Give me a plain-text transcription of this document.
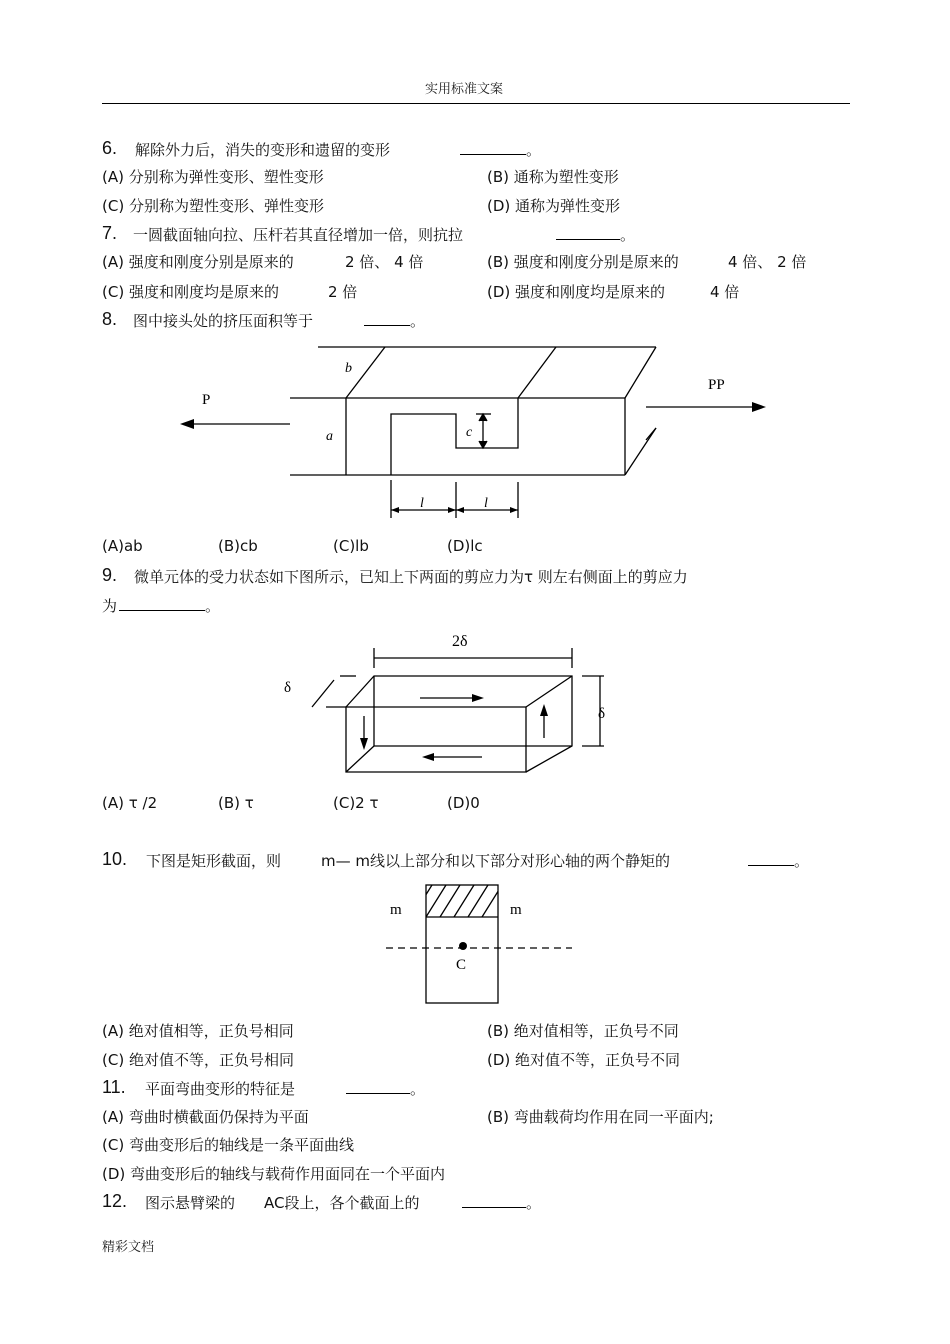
实用标准文案
6. 解除外力后，消失的变形和遗留的变形	。
(A) 分别称为弹性变形、塑性变形	(B) 通称为塑性变形
(C) 分别称为塑性变形、弹性变形	(D) 通称为弹性变形
7. 一圆截面轴向拉、压杆若其直径增加一倍，则抗拉	。
(A) 强度和刚度分别是原来的	2 倍、 4 倍	(B) 强度和刚度分别是原来的	4 倍、 2 倍
(C) 强度和刚度均是原来的	2 倍	(D) 强度和刚度均是原来的	4 倍
8. 图中接头处的挤压面积等于	。
P
PP
b
a	c
l	l
(A)ab	(B)cb	(C)lb	(D)lc
9. 微单元体的受力状态如下图所示，已知上下两面的剪应力为τ 则左右侧面上的剪应力
为	。
2δ
δ
δ
(A) τ /2	(B) τ	(C)2 τ	(D)0
10. 下图是矩形截面，则	m— m线以上部分和以下部分对形心轴的两个静矩的	。
m	m
C
(A) 绝对值相等，正负号相同	(B) 绝对值相等，正负号不同
(C) 绝对值不等，正负号相同	(D) 绝对值不等，正负号不同
11. 平面弯曲变形的特征是	。
(A) 弯曲时横截面仍保持为平面	(B) 弯曲载荷均作用在同一平面内;
(C) 弯曲变形后的轴线是一条平面曲线
(D) 弯曲变形后的轴线与载荷作用面同在一个平面内
12. 图示悬臂梁的 AC段上，各个截面上的	。
精彩文档
